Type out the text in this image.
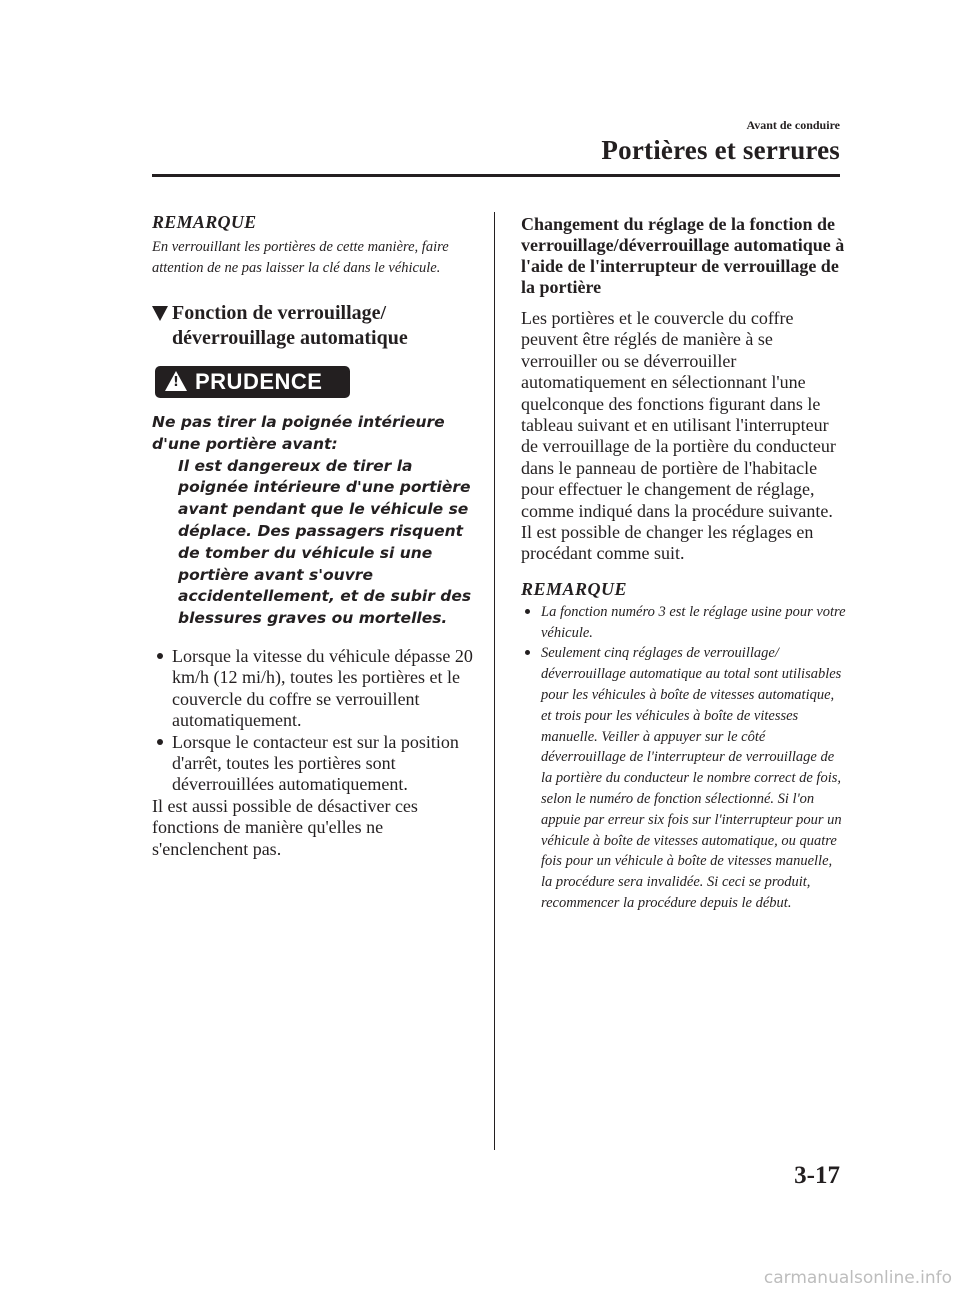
Avant de conduire
Portières et serrures

REMARQUE

En verrouillant les portières de cette manière, faire attention de ne pas laisser la clé dans le véhicule.

Fonction de verrouillage/
déverrouillage automatique
!
PRUDENCE
Ne pas tirer la poignée intérieure d'une portière avant:
Il est dangereux de tirer la poignée intérieure d'une portière avant pendant que le véhicule se déplace. Des passagers risquent de tomber du véhicule si une portière avant s'ouvre accidentellement, et de subir des blessures graves ou mortelles.
Lorsque la vitesse du véhicule dépasse 20 km/h (12 mi/h), toutes les portières et le couvercle du coffre se verrouillent automatiquement.
Lorsque le contacteur est sur la position d'arrêt, toutes les portières sont déverrouillées automatiquement.

Il est aussi possible de désactiver ces fonctions de manière qu'elles ne s'enclenchent pas.

Changement du réglage de la fonction de verrouillage/déverrouillage automatique à l'aide de l'interrupteur de verrouillage de la portière

Les portières et le couvercle du coffre peuvent être réglés de manière à se verrouiller ou se déverrouiller automatiquement en sélectionnant l'une quelconque des fonctions figurant dans le tableau suivant et en utilisant l'interrupteur de verrouillage de la portière du conducteur dans le panneau de portière de l'habitacle pour effectuer le changement de réglage, comme indiqué dans la procédure suivante.

Il est possible de changer les réglages en procédant comme suit.

REMARQUE

La fonction numéro 3 est le réglage usine pour votre véhicule.
Seulement cinq réglages de verrouillage/ déverrouillage automatique au total sont utilisables pour les véhicules à boîte de vitesses automatique, et trois pour les véhicules à boîte de vitesses manuelle. Veiller à appuyer sur le côté déverrouillage de l'interrupteur de verrouillage de la portière du conducteur le nombre correct de fois, selon le numéro de fonction sélectionné. Si l'on appuie par erreur six fois sur l'interrupteur pour un véhicule à boîte de vitesses automatique, ou quatre fois pour un véhicule à boîte de vitesses manuelle, la procédure sera invalidée. Si ceci se produit, recommencer la procédure depuis le début.
3-17
carmanualsonline.info
